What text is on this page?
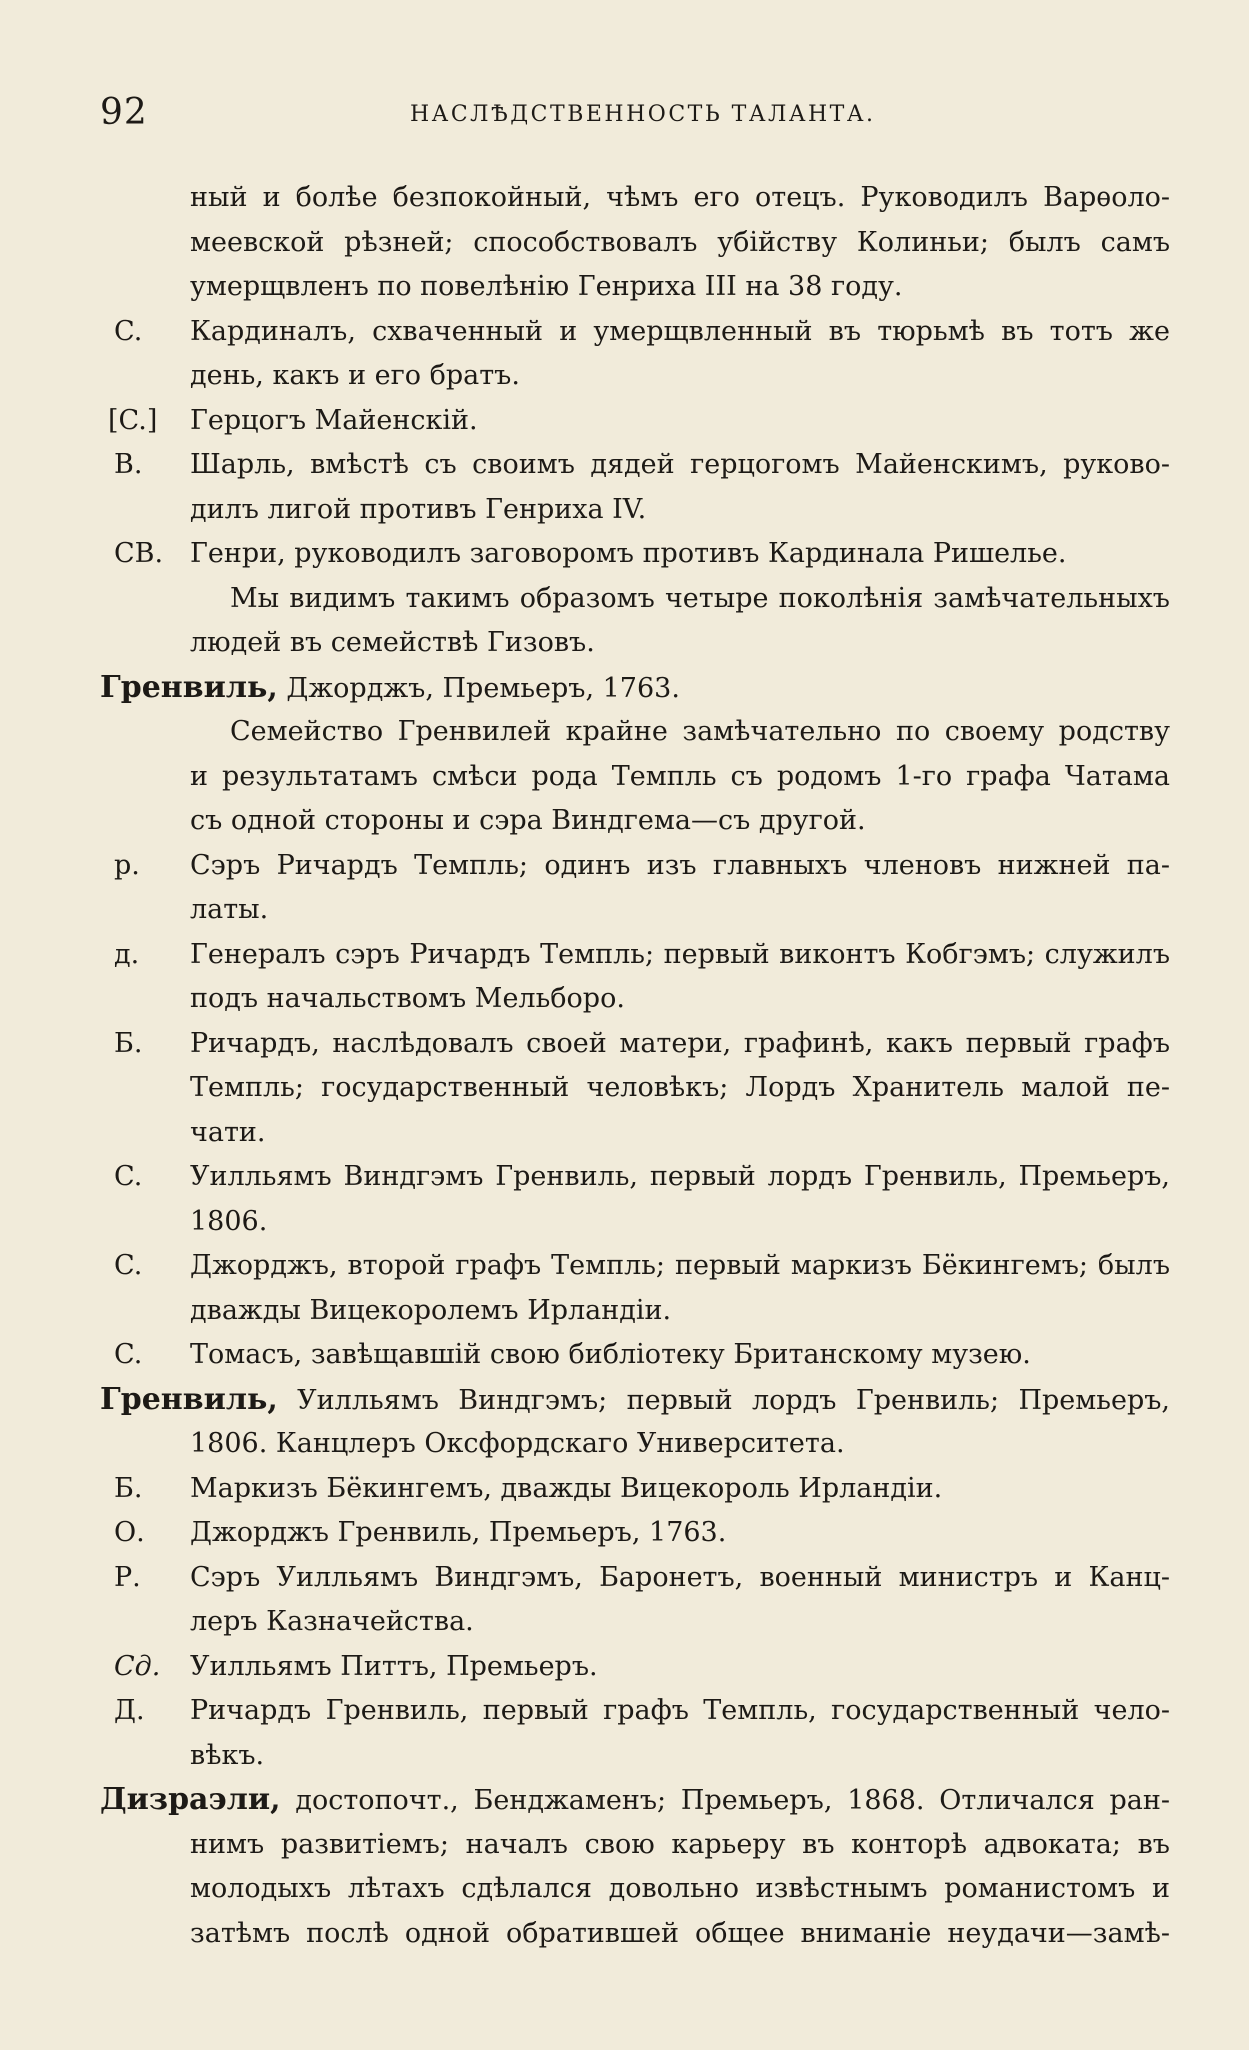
92	НАСЛѢДСТВЕННОСТЬ ТАЛАНТА.
ный и болѣе безпокойный, чѣмъ его отецъ. Руководилъ Варѳоло-
меевской рѣзней; способствовалъ убійству Колиньи; былъ самъ
умерщвленъ по повелѣнію Генриха III на 38 году.
C. Кардиналъ, схваченный и умерщвленный въ тюрьмѣ въ тотъ же
день, какъ и его братъ.
[C.] Герцогъ Майенскій.
В. Шарль, вмѣстѣ съ своимъ дядей герцогомъ Майенскимъ, руково-
дилъ лигой противъ Генриха IV.
CB. Генри, руководилъ заговоромъ противъ Кардинала Ришелье.
Мы видимъ такимъ образомъ четыре поколѣнія замѣчательныхъ
людей въ семействѣ Гизовъ.
Гренвиль, Джорджъ, Премьеръ, 1763.
Семейство Гренвилей крайне замѣчательно по своему родству
и результатамъ смѣси рода Темпль съ родомъ 1-го графа Чатама
съ одной стороны и сэра Виндгема—съ другой.
р. Сэръ Ричардъ Темпль; одинъ изъ главныхъ членовъ нижней па-
латы.
д. Генералъ сэръ Ричардъ Темпль; первый виконтъ Кобгэмъ; служилъ
подъ начальствомъ Мельборо.
Б. Ричардъ, наслѣдовалъ своей матери, графинѣ, какъ первый графъ
Темпль; государственный человѣкъ; Лордъ Хранитель малой пе-
чати.
C. Уилльямъ Виндгэмъ Гренвиль, первый лордъ Гренвиль, Премьеръ,
1806.
C. Джорджъ, второй графъ Темпль; первый маркизъ Бёкингемъ; былъ
дважды Вицекоролемъ Ирландіи.
C. Томасъ, завѣщавшій свою библіотеку Британскому музею.
Гренвиль, Уилльямъ Виндгэмъ; первый лордъ Гренвиль; Премьеръ,
1806. Канцлеръ Оксфордскаго Университета.
Б. Маркизъ Бёкингемъ, дважды Вицекороль Ирландіи.
О. Джорджъ Гренвиль, Премьеръ, 1763.
Р. Сэръ Уилльямъ Виндгэмъ, Баронетъ, военный министръ и Канц-
леръ Казначейства.
Сд. Уилльямъ Питтъ, Премьеръ.
Д. Ричардъ Гренвиль, первый графъ Темпль, государственный чело-
вѣкъ.
Дизраэли, достопочт., Бенджаменъ; Премьеръ, 1868. Отличался ран-
нимъ развитіемъ; началъ свою карьеру въ конторѣ адвоката; въ
молодыхъ лѣтахъ сдѣлался довольно извѣстнымъ романистомъ и
затѣмъ послѣ одной обратившей общее вниманіе неудачи—замѣ-
